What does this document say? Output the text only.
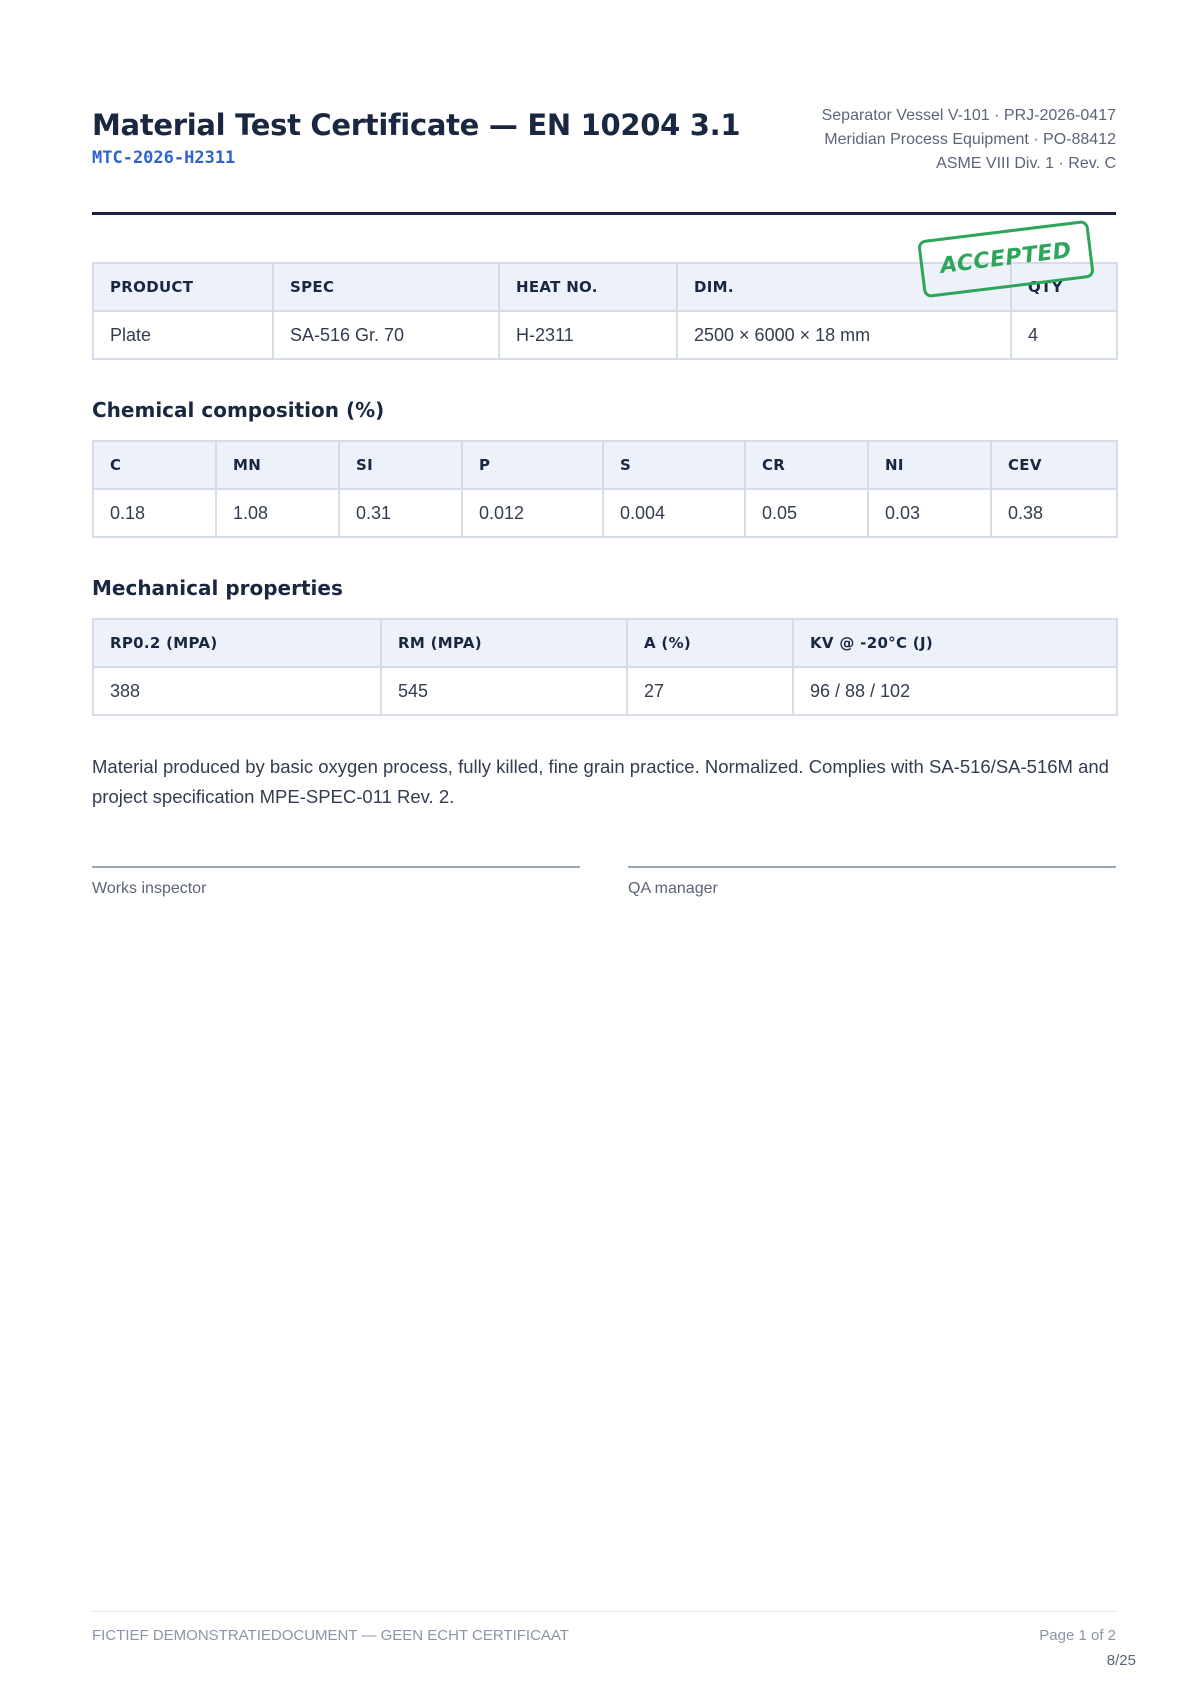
Material Test Certificate — EN 10204 3.1
MTC-2026-H2311
Separator Vessel V-101 · PRJ-2026-0417
Meridian Process Equipment · PO-88412
ASME VIII Div. 1 · Rev. C
PRODUCT	SPEC	HEAT NO.	DIM.	QTY
Plate	SA-516 Gr. 70	H-2311	2500 × 6000 × 18 mm	4
ACCEPTED
Chemical composition (%)
C	MN	SI	P	S	CR	NI	CEV
0.18	1.08	0.31	0.012	0.004	0.05	0.03	0.38
Mechanical properties
RP0.2 (MPA)	RM (MPA)	A (%)	KV @ -20°C (J)
388	545	27	96 / 88 / 102

Material produced by basic oxygen process, fully killed, fine grain practice. Normalized. Complies with SA-516/SA-516M and project specification MPE-SPEC-011 Rev. 2.

Works inspector	QA manager
FICTIEF DEMONSTRATIEDOCUMENT — GEEN ECHT CERTIFICAAT	Page 1 of 2
8/25
